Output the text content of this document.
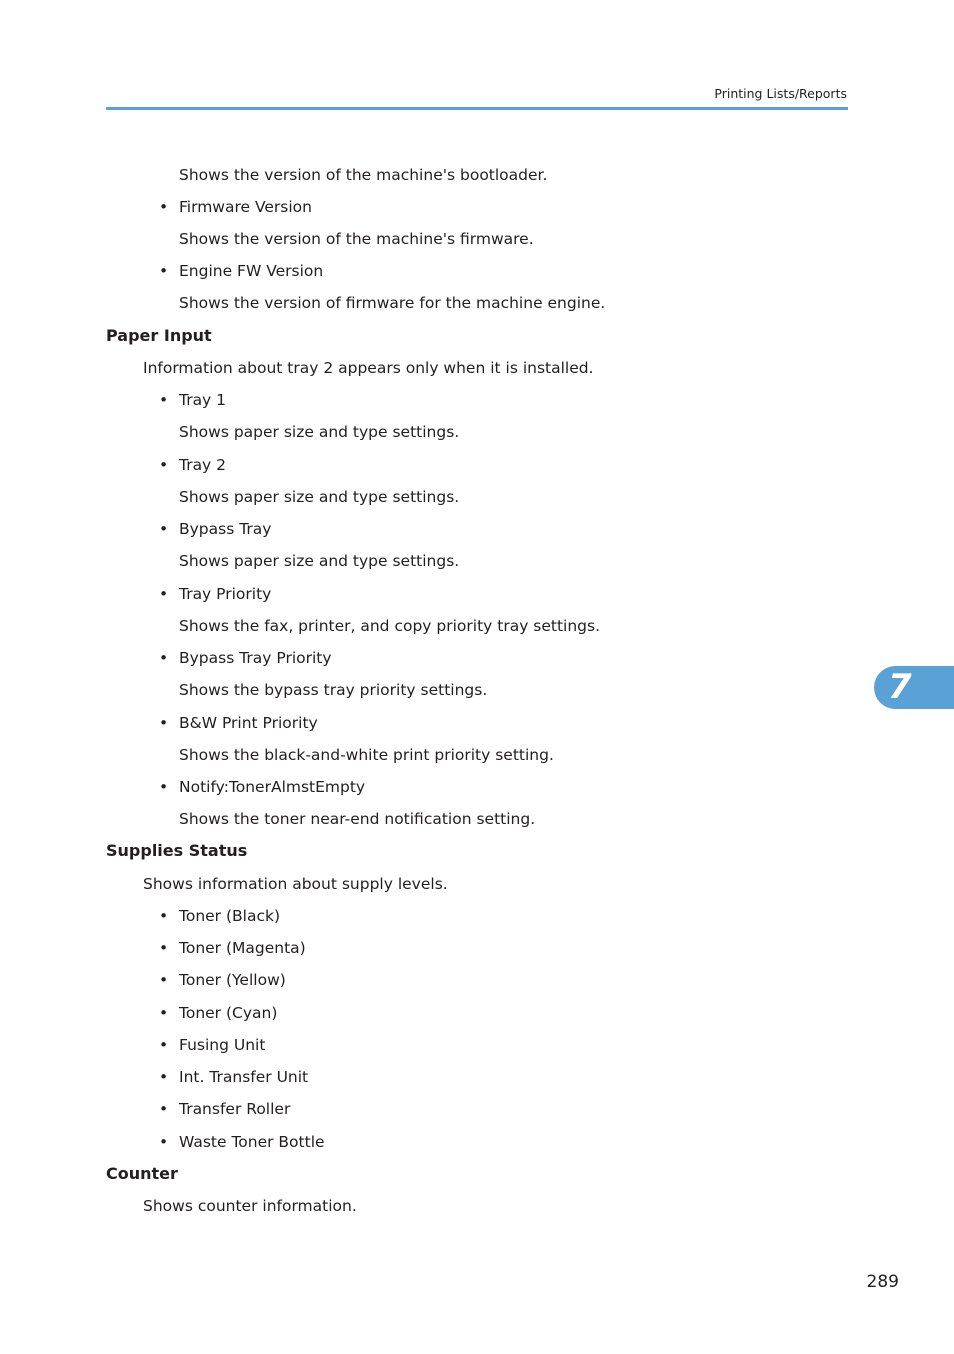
Printing Lists/Reports
Shows the version of the machine's bootloader.
• Firmware Version
Shows the version of the machine's firmware.
• Engine FW Version
Shows the version of firmware for the machine engine.
Paper Input
Information about tray 2 appears only when it is installed.
• Tray 1
Shows paper size and type settings.
• Tray 2
Shows paper size and type settings.
• Bypass Tray
Shows paper size and type settings.
• Tray Priority
Shows the fax, printer, and copy priority tray settings.
• Bypass Tray Priority
Shows the bypass tray priority settings.
• B&W Print Priority
Shows the black-and-white print priority setting.
• Notify:TonerAlmstEmpty
Shows the toner near-end notification setting.
Supplies Status
Shows information about supply levels.
• Toner (Black)
• Toner (Magenta)
• Toner (Yellow)
• Toner (Cyan)
• Fusing Unit
• Int. Transfer Unit
• Transfer Roller
• Waste Toner Bottle
Counter
Shows counter information.
7
289
